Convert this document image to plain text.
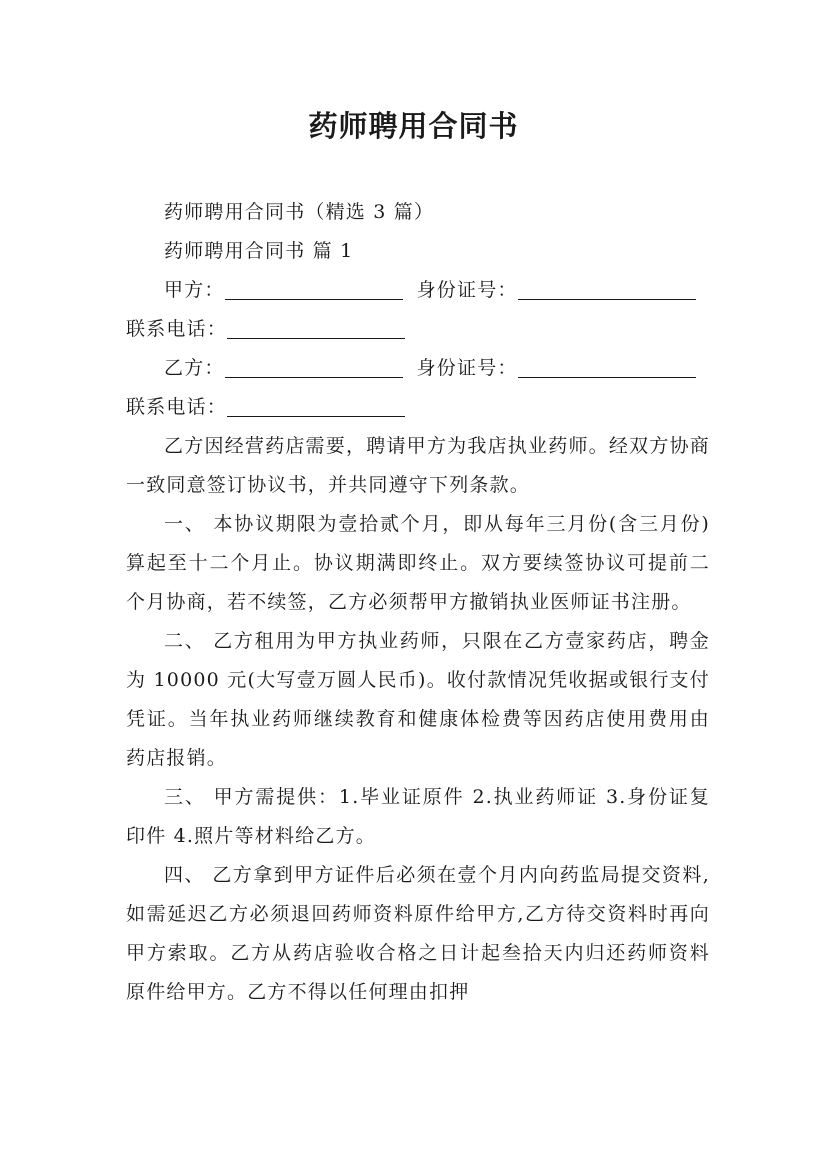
药师聘用合同书

药师聘用合同书（精选 3 篇）

药师聘用合同书 篇 1

甲方：	身份证号：

联系电话：

乙方：	身份证号：

联系电话：

乙方因经营药店需要，聘请甲方为我店执业药师。经双方协商一致同意签订协议书，并共同遵守下列条款。

一、 本协议期限为壹拾贰个月，即从每年三月份(含三月份)算起至十二个月止。协议期满即终止。双方要续签协议可提前二个月协商，若不续签，乙方必须帮甲方撤销执业医师证书注册。

二、 乙方租用为甲方执业药师，只限在乙方壹家药店，聘金为 10000 元(大写壹万圆人民币)。收付款情况凭收据或银行支付凭证。当年执业药师继续教育和健康体检费等因药店使用费用由药店报销。

三、 甲方需提供：1.毕业证原件 2.执业药师证 3.身份证复印件 4.照片等材料给乙方。

四、 乙方拿到甲方证件后必须在壹个月内向药监局提交资料,如需延迟乙方必须退回药师资料原件给甲方,乙方待交资料时再向甲方索取。乙方从药店验收合格之日计起叁拾天内归还药师资料原件给甲方。乙方不得以任何理由扣押
